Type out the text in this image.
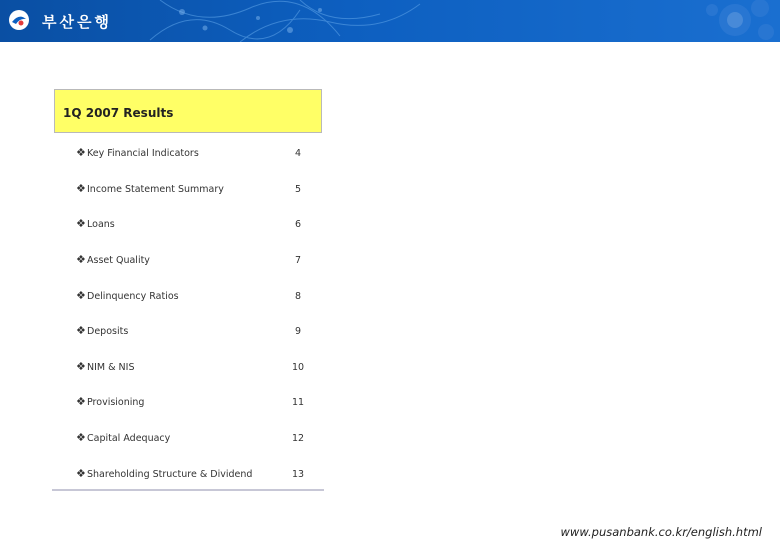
부산은행
1Q 2007 Results
❖ Key Financial Indicators	4
❖ Income Statement Summary	5
❖ Loans	6
❖ Asset Quality	7
❖ Delinquency Ratios	8
❖ Deposits	9
❖ NIM & NIS	10
❖ Provisioning	11
❖ Capital Adequacy	12
❖ Shareholding Structure & Dividend	13
www.pusanbank.co.kr/english.html
